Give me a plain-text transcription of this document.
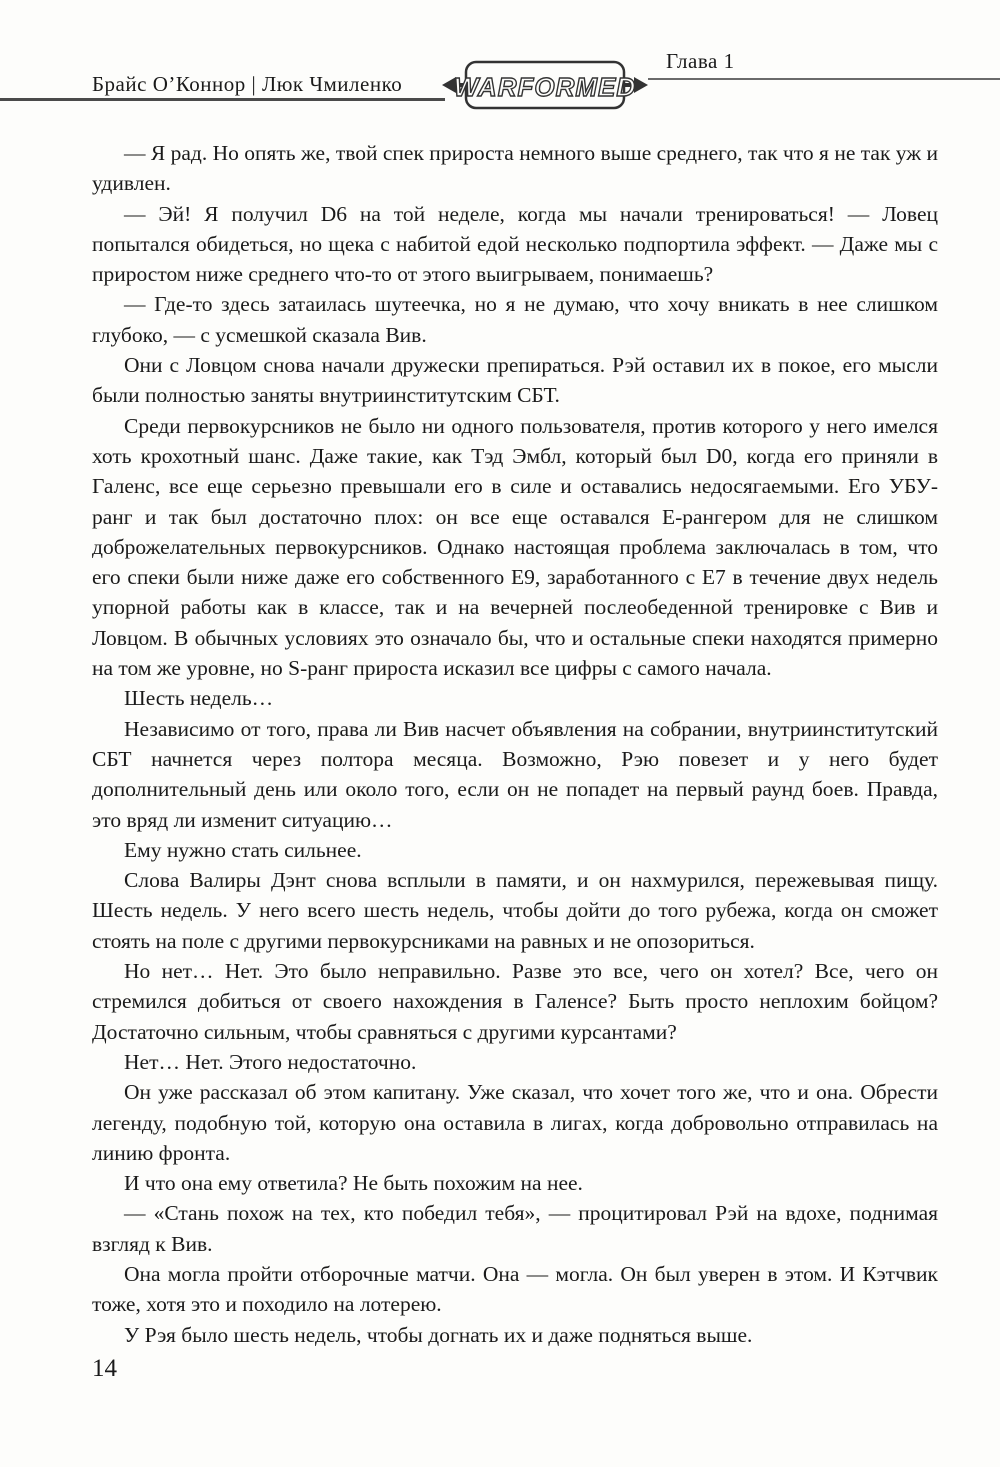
Брайс О’Коннор | Люк Чмиленко WARFORMED
Глава 1

— Я рад. Но опять же, твой спек прироста немного выше среднего, так что я не так уж и удивлен.

— Эй! Я получил D6 на той неделе, когда мы начали тренироваться! — Ловец попытался обидеться, но щека с набитой едой несколько подпортила эффект. — Даже мы с приростом ниже среднего что-то от этого выигрываем, понимаешь?

— Где-то здесь затаилась шутеечка, но я не думаю, что хочу вникать в нее слишком глубоко, — с усмешкой сказала Вив.

Они с Ловцом снова начали дружески препираться. Рэй оставил их в покое, его мысли были полностью заняты внутриинститутским СБТ.

Среди первокурсников не было ни одного пользователя, против которого у него имелся хоть крохотный шанс. Даже такие, как Тэд Эмбл, который был D0, когда его приняли в Галенс, все еще серьезно превышали его в силе и оставались недосягаемыми. Его УБУ-ранг и так был достаточно плох: он все еще оставался Е-рангером для не слишком доброжелательных первокурсников. Однако настоящая проблема заключалась в том, что его спеки были ниже даже его собственного Е9, заработанного с Е7 в течение двух недель упорной работы как в классе, так и на вечерней послеобеденной тренировке с Вив и Ловцом. В обычных условиях это означало бы, что и остальные спеки находятся примерно на том же уровне, но S-ранг прироста исказил все цифры с самого начала.

Шесть недель…

Независимо от того, права ли Вив насчет объявления на собрании, внутриинститутский СБТ начнется через полтора месяца. Возможно, Рэю повезет и у него будет дополнительный день или около того, если он не попадет на первый раунд боев. Правда, это вряд ли изменит ситуацию…

Ему нужно стать сильнее.

Слова Валиры Дэнт снова всплыли в памяти, и он нахмурился, пережевывая пищу. Шесть недель. У него всего шесть недель, чтобы дойти до того рубежа, когда он сможет стоять на поле с другими первокурсниками на равных и не опозориться.

Но нет… Нет. Это было неправильно. Разве это все, чего он хотел? Все, чего он стремился добиться от своего нахождения в Галенсе? Быть просто неплохим бойцом? Достаточно сильным, чтобы сравняться с другими курсантами?

Нет… Нет. Этого недостаточно.

Он уже рассказал об этом капитану. Уже сказал, что хочет того же, что и она. Обрести легенду, подобную той, которую она оставила в лигах, когда добровольно отправилась на линию фронта.

И что она ему ответила? Не быть похожим на нее.

— «Стань похож на тех, кто победил тебя», — процитировал Рэй на вдохе, поднимая взгляд к Вив.

Она могла пройти отборочные матчи. Она — могла. Он был уверен в этом. И Кэтчвик тоже, хотя это и походило на лотерею.

У Рэя было шесть недель, чтобы догнать их и даже подняться выше.

14
